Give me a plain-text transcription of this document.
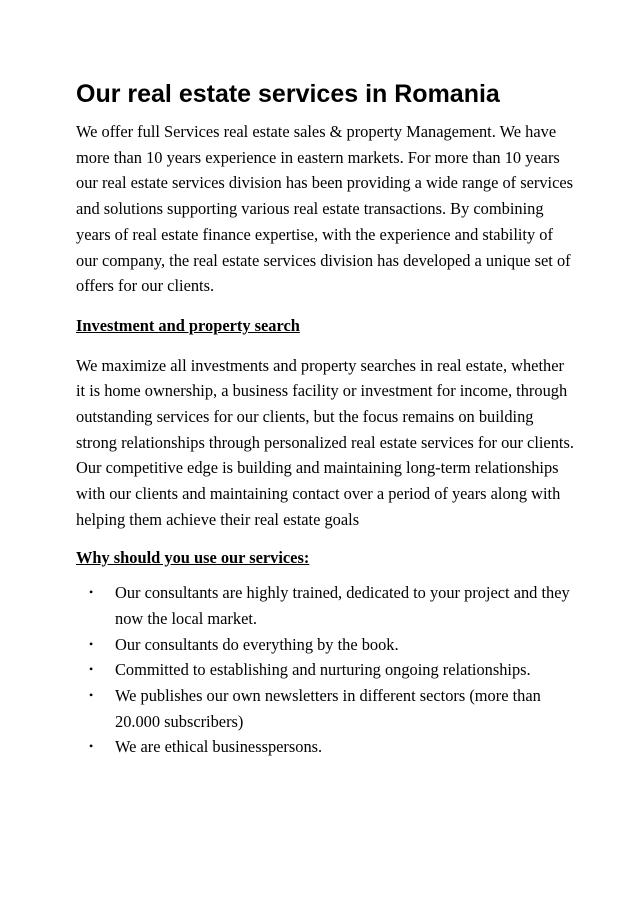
Our real estate services in Romania

We offer full Services real estate sales & property Management. We have more than 10 years experience in eastern markets. For more than 10 years our real estate services division has been providing a wide range of services and solutions supporting various real estate transactions. By combining years of real estate finance expertise, with the experience and stability of our company, the real estate services division has developed a unique set of offers for our clients.

Investment and property search

We maximize all investments and property searches in real estate, whether it is home ownership, a business facility or investment for income, through outstanding services for our clients, but the focus remains on building strong relationships through personalized real estate services for our clients. Our competitive edge is building and maintaining long-term relationships with our clients and maintaining contact over a period of years along with helping them achieve their real estate goals

Why should you use our services:
• Our consultants are highly trained, dedicated to your project and they now the local market.
• Our consultants do everything by the book.
• Committed to establishing and nurturing ongoing relationships.
• We publishes our own newsletters in different sectors (more than 20.000 subscribers)
• We are ethical businesspersons.
